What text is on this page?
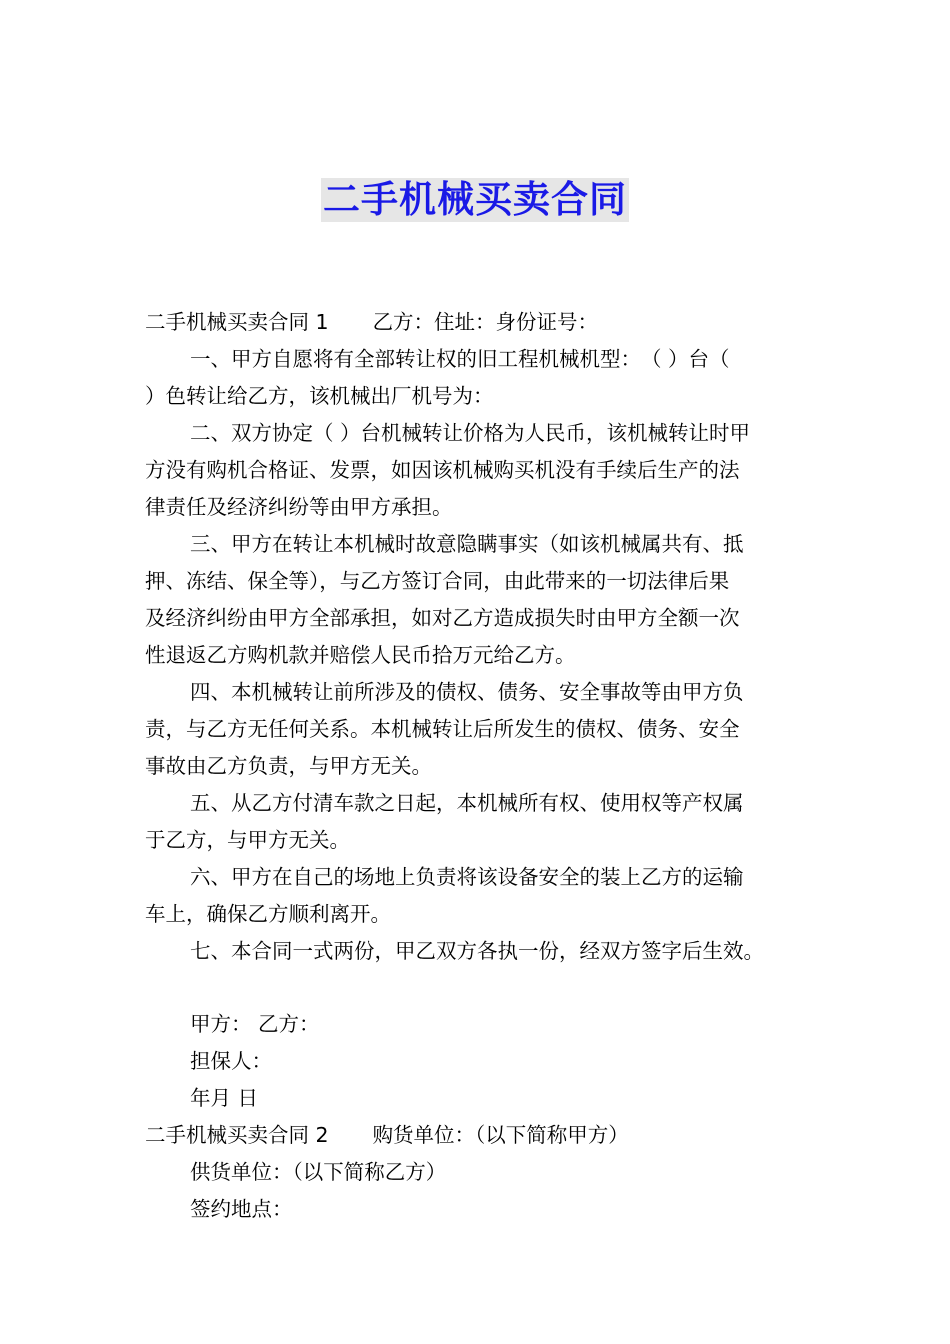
二手机械买卖合同
二手机械买卖合同 1 乙方：住址：身份证号：
一、甲方自愿将有全部转让权的旧工程机械机型：　（ ）台（
）色转让给乙方，该机械出厂机号为：
二、双方协定（ ）台机械转让价格为人民币，该机械转让时甲
方没有购机合格证、发票，如因该机械购买机没有手续后生产的法
律责任及经济纠纷等由甲方承担。
三、甲方在转让本机械时故意隐瞒事实（如该机械属共有、抵
押、冻结、保全等），与乙方签订合同，由此带来的一切法律后果
及经济纠纷由甲方全部承担，如对乙方造成损失时由甲方全额一次
性退返乙方购机款并赔偿人民币拾万元给乙方。
四、本机械转让前所涉及的债权、债务、安全事故等由甲方负
责，与乙方无任何关系。本机械转让后所发生的债权、债务、安全
事故由乙方负责，与甲方无关。
五、从乙方付清车款之日起，本机械所有权、使用权等产权属
于乙方，与甲方无关。
六、甲方在自己的场地上负责将该设备安全的装上乙方的运输
车上，确保乙方顺利离开。
七、本合同一式两份，甲乙双方各执一份，经双方签字后生效。
甲方： 乙方：
担保人：
年月 日
二手机械买卖合同 2 购货单位：（以下简称甲方）
供货单位：（以下简称乙方）
签约地点：
